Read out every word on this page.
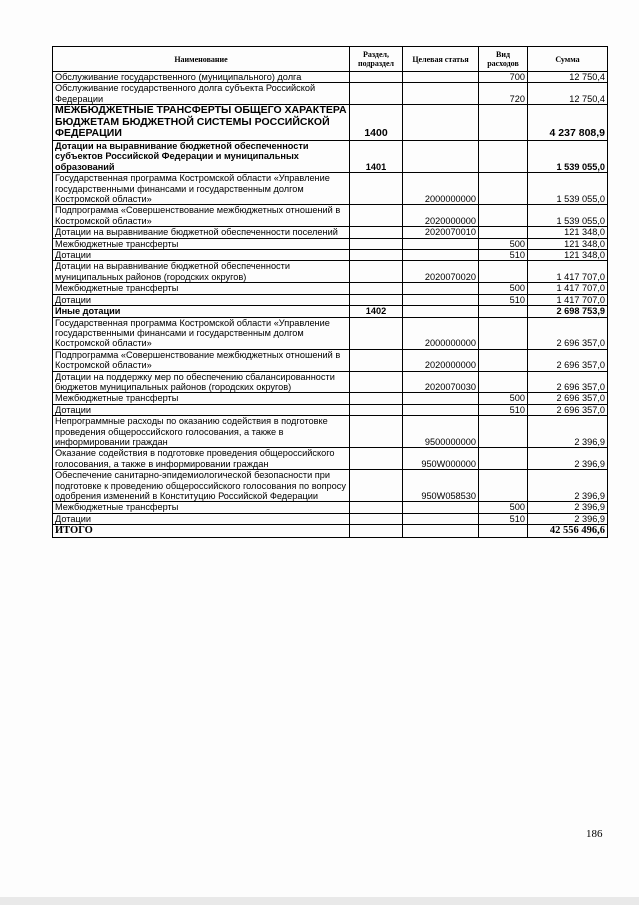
Наименование	Раздел, подраздел	Целевая статья	Вид расходов	Сумма
Обслуживание государственного (муниципального) долга			700	12 750,4
Обслуживание государственного долга субъекта Российской Федерации			720	12 750,4
МЕЖБЮДЖЕТНЫЕ ТРАНСФЕРТЫ ОБЩЕГО ХАРАКТЕРА БЮДЖЕТАМ БЮДЖЕТНОЙ СИСТЕМЫ РОССИЙСКОЙ ФЕДЕРАЦИИ	1400			4 237 808,9
Дотации на выравнивание бюджетной обеспеченности субъектов Российской Федерации и муниципальных образований	1401			1 539 055,0
Государственная программа Костромской области «Управление государственными финансами и государственным долгом Костромской области»		2000000000		1 539 055,0
Подпрограмма «Совершенствование межбюджетных отношений в Костромской области»		2020000000		1 539 055,0
Дотации на выравнивание бюджетной обеспеченности поселений		2020070010		121 348,0
Межбюджетные трансферты			500	121 348,0
Дотации			510	121 348,0
Дотации на выравнивание бюджетной обеспеченности муниципальных районов (городских округов)		2020070020		1 417 707,0
Межбюджетные трансферты			500	1 417 707,0
Дотации			510	1 417 707,0
Иные дотации	1402			2 698 753,9
Государственная программа Костромской области «Управление государственными финансами и государственным долгом Костромской области»		2000000000		2 696 357,0
Подпрограмма «Совершенствование межбюджетных отношений в Костромской области»		2020000000		2 696 357,0
Дотации на поддержку мер по обеспечению сбалансированности бюджетов муниципальных районов (городских округов)		2020070030		2 696 357,0
Межбюджетные трансферты			500	2 696 357,0
Дотации			510	2 696 357,0
Непрограммные расходы по оказанию содействия в подготовке проведения общероссийского голосования, а также в информировании граждан		9500000000		2 396,9
Оказание содействия в подготовке проведения общероссийского голосования, а также в информировании граждан		950W000000		2 396,9
Обеспечение санитарно-эпидемиологической безопасности при подготовке к проведению общероссийского голосования по вопросу одобрения изменений в Конституцию Российской Федерации		950W058530		2 396,9
Межбюджетные трансферты			500	2 396,9
Дотации			510	2 396,9
ИТОГО				42 556 496,6
186
